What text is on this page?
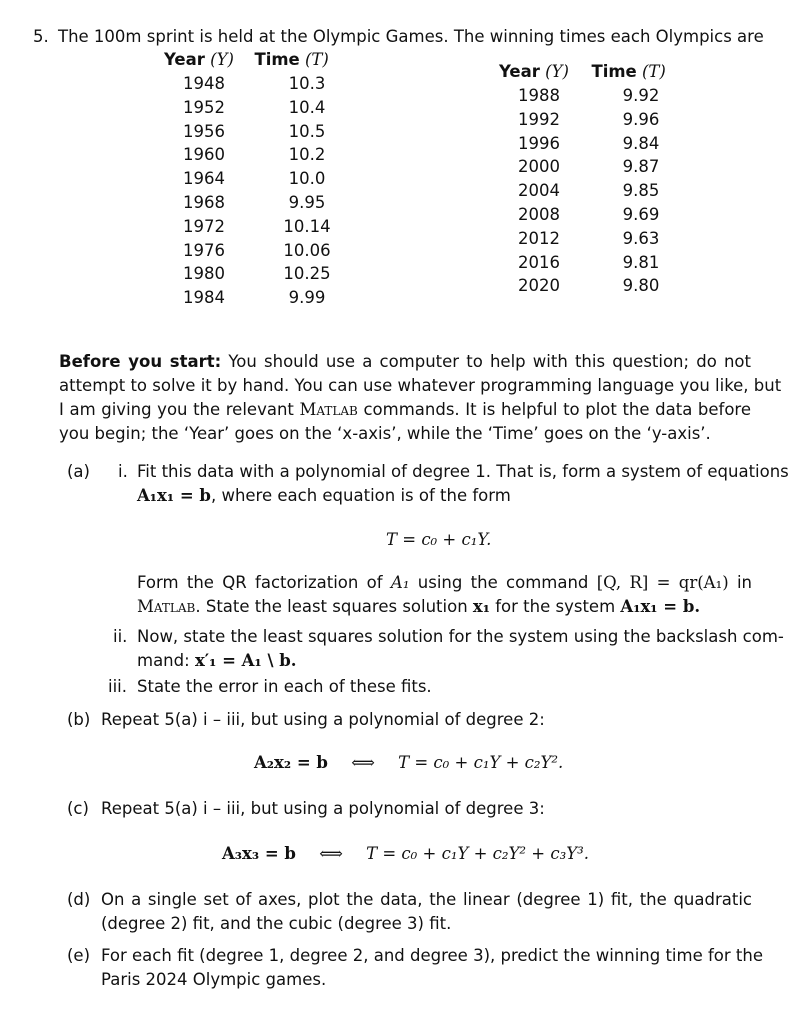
5. The 100m sprint is held at the Olympic Games. The winning times each Olympics are
Year (Y) Time (T)
1948
1952
1956
1960
1964
1968
1972
1976
1980
1984
10.3
10.4
10.5
10.2
10.0
9.95
10.14
10.06
10.25
9.99
Year (Y) Time (T)
1988
1992
1996
2000
2004
2008
2012
2016
2020
9.92
9.96
9.84
9.87
9.85
9.69
9.63
9.81
9.80
Before you start: You should use a computer to help with this question; do not
attempt to solve it by hand. You can use whatever programming language you like, but
I am giving you the relevant Matlab commands. It is helpful to plot the data before
you begin; the ‘Year’ goes on the ‘x-axis’, while the ‘Time’ goes on the ‘y-axis’.
(a) i. Fit this data with a polynomial of degree 1. That is, form a system of equations
A₁x₁ = b, where each equation is of the form
T = c₀ + c₁Y.
Form the QR factorization of A₁ using the command [Q, R] = qr(A₁) in
Matlab. State the least squares solution x₁ for the system A₁x₁ = b.
ii. Now, state the least squares solution for the system using the backslash com-
mand: x′₁ = A₁ \ b.
iii. State the error in each of these fits.
(b) Repeat 5(a) i – iii, but using a polynomial of degree 2:
A₂x₂ = b ⟺ T = c₀ + c₁Y + c₂Y².
(c) Repeat 5(a) i – iii, but using a polynomial of degree 3:
A₃x₃ = b ⟺ T = c₀ + c₁Y + c₂Y² + c₃Y³.
(d) On a single set of axes, plot the data, the linear (degree 1) fit, the quadratic
(degree 2) fit, and the cubic (degree 3) fit.
(e) For each fit (degree 1, degree 2, and degree 3), predict the winning time for the
Paris 2024 Olympic games.
